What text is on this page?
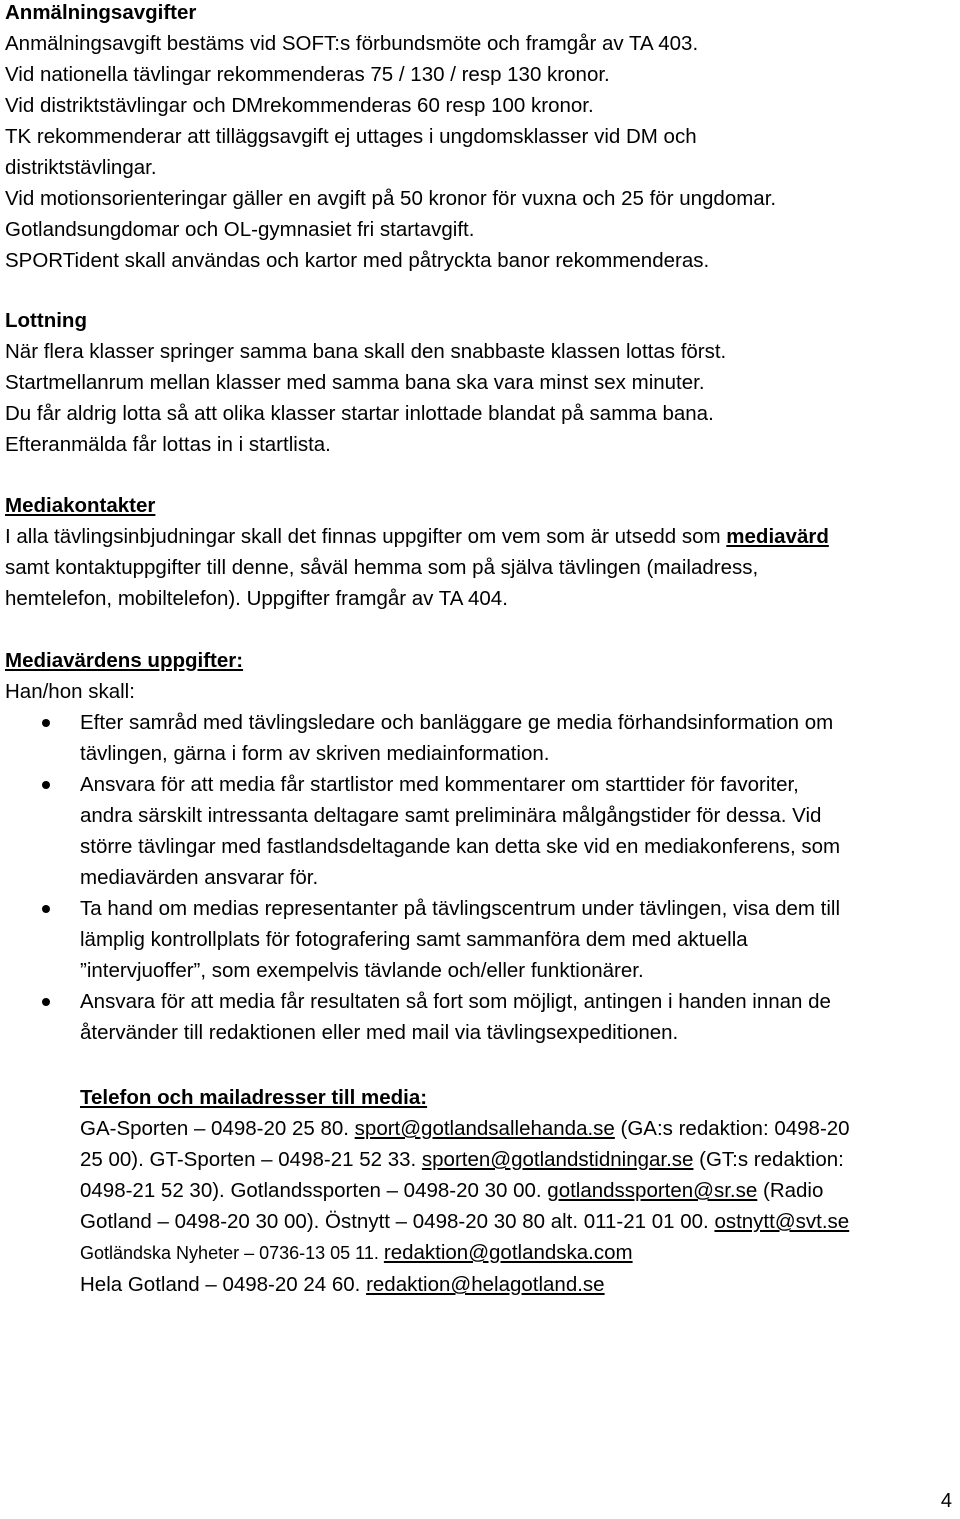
Anmälningsavgifter
Anmälningsavgift bestäms vid SOFT:s förbundsmöte och framgår av TA 403.
Vid nationella tävlingar rekommenderas 75 / 130 / resp 130 kronor.
Vid distriktstävlingar och DMrekommenderas 60 resp 100 kronor.
TK rekommenderar att tilläggsavgift ej uttages i ungdomsklasser vid DM och
distriktstävlingar.
Vid motionsorienteringar gäller en avgift på 50 kronor för vuxna och 25 för ungdomar.
Gotlandsungdomar och OL-gymnasiet fri startavgift.
SPORTident skall användas och kartor med påtryckta banor rekommenderas.
Lottning
När flera klasser springer samma bana skall den snabbaste klassen lottas först.
Startmellanrum mellan klasser med samma bana ska vara minst sex minuter.
Du får aldrig lotta så att olika klasser startar inlottade blandat på samma bana.
Efteranmälda får lottas in i startlista.
Mediakontakter
I alla tävlingsinbjudningar skall det finnas uppgifter om vem som är utsedd som mediavärd
samt kontaktuppgifter till denne, såväl hemma som på själva tävlingen (mailadress,
hemtelefon, mobiltelefon). Uppgifter framgår av TA 404.
Mediavärdens uppgifter:
Han/hon skall:
Efter samråd med tävlingsledare och banläggare ge media förhandsinformation om
tävlingen, gärna i form av skriven mediainformation.
Ansvara för att media får startlistor med kommentarer om starttider för favoriter,
andra särskilt intressanta deltagare samt preliminära målgångstider för dessa. Vid
större tävlingar med fastlandsdeltagande kan detta ske vid en mediakonferens, som
mediavärden ansvarar för.
Ta hand om medias representanter på tävlingscentrum under tävlingen, visa dem till
lämplig kontrollplats för fotografering samt sammanföra dem med aktuella
”intervjuoffer”, som exempelvis tävlande och/eller funktionärer.
Ansvara för att media får resultaten så fort som möjligt, antingen i handen innan de
återvänder till redaktionen eller med mail via tävlingsexpeditionen.
Telefon och mailadresser till media:
GA-Sporten – 0498-20 25 80. sport@gotlandsallehanda.se (GA:s redaktion: 0498-20
25 00). GT-Sporten – 0498-21 52 33. sporten@gotlandstidningar.se (GT:s redaktion:
0498-21 52 30). Gotlandssporten – 0498-20 30 00. gotlandssporten@sr.se (Radio
Gotland – 0498-20 30 00). Östnytt – 0498-20 30 80 alt. 011-21 01 00. ostnytt@svt.se
Gotländska Nyheter – 0736-13 05 11. redaktion@gotlandska.com
Hela Gotland – 0498-20 24 60. redaktion@helagotland.se
4
